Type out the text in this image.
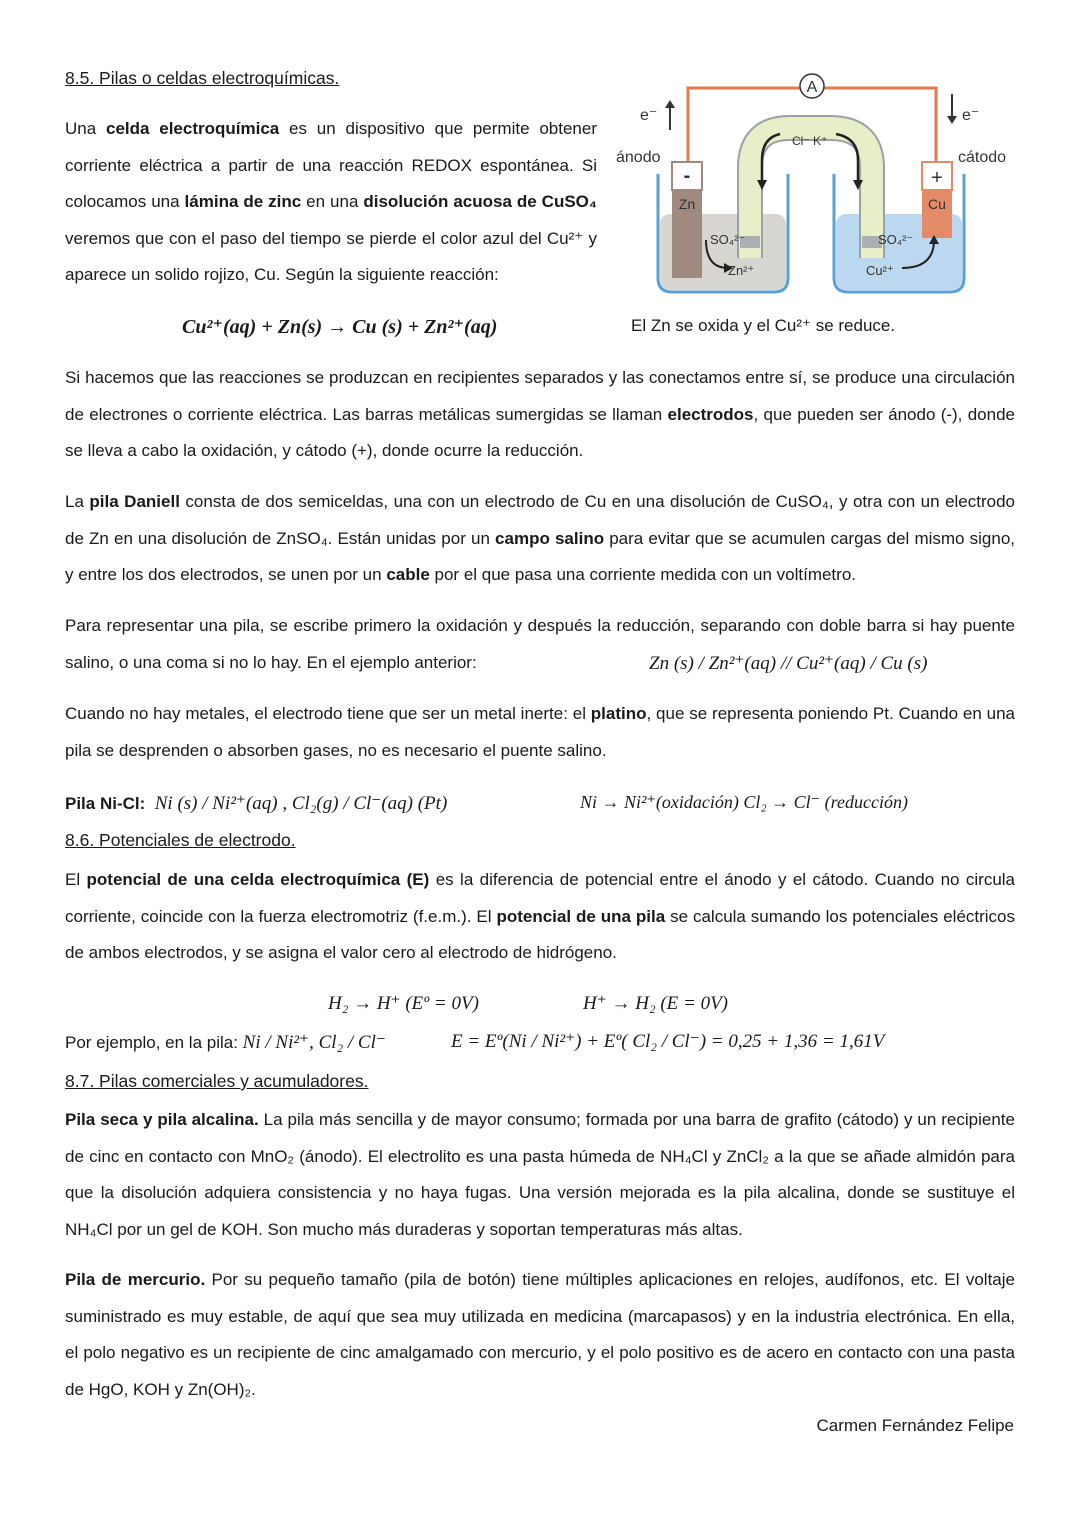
8.5. Pilas o celdas electroquímicas.

Una celda electroquímica es un dispositivo que permite obtener corriente eléctrica a partir de una reacción REDOX espontánea. Si colocamos una lámina de zinc en una disolución acuosa de CuSO₄ veremos que con el paso del tiempo se pierde el color azul del Cu²⁺ y aparece un solido rojizo, Cu. Según la siguiente reacción:

Cu²⁺(aq) + Zn(s) → Cu (s) + Zn²⁺(aq)	El Zn se oxida y el Cu²⁺ se reduce.
A
e⁻	e⁻
ánodo	cátodo
Cl⁻ K⁺
-
Zn
+
Cu
SO₄²⁻
Zn²⁺
SO₄²⁻
Cu²⁺

Si hacemos que las reacciones se produzcan en recipientes separados y las conectamos entre sí, se produce una circulación de electrones o corriente eléctrica. Las barras metálicas sumergidas se llaman electrodos, que pueden ser ánodo (-), donde se lleva a cabo la oxidación, y cátodo (+), donde ocurre la reducción.

La pila Daniell consta de dos semiceldas, una con un electrodo de Cu en una disolución de CuSO₄, y otra con un electrodo de Zn en una disolución de ZnSO₄. Están unidas por un campo salino para evitar que se acumulen cargas del mismo signo, y entre los dos electrodos, se unen por un cable por el que pasa una corriente medida con un voltímetro.

Para representar una pila, se escribe primero la oxidación y después la reducción, separando con doble barra si hay puente salino, o una coma si no lo hay. En el ejemplo anterior:	Zn (s) / Zn²⁺(aq) // Cu²⁺(aq) / Cu (s)

Cuando no hay metales, el electrodo tiene que ser un metal inerte: el platino, que se representa poniendo Pt. Cuando en una pila se desprenden o absorben gases, no es necesario el puente salino.

Pila Ni-Cl: Ni (s) / Ni²⁺(aq) , Cl₂(g) / Cl⁻(aq) (Pt)	Ni → Ni²⁺(oxidación) Cl₂ → Cl⁻ (reducción)
8.6. Potenciales de electrodo.

El potencial de una celda electroquímica (E) es la diferencia de potencial entre el ánodo y el cátodo. Cuando no circula corriente, coincide con la fuerza electromotriz (f.e.m.). El potencial de una pila se calcula sumando los potenciales eléctricos de ambos electrodos, y se asigna el valor cero al electrodo de hidrógeno.

H₂ → H⁺ (Eº = 0V)	H⁺ → H₂ (E = 0V)
Por ejemplo, en la pila: Ni / Ni²⁺, Cl₂ / Cl⁻	E = Eº(Ni / Ni²⁺) + Eº( Cl₂ / Cl⁻) = 0,25 + 1,36 = 1,61V
8.7. Pilas comerciales y acumuladores.

Pila seca y pila alcalina. La pila más sencilla y de mayor consumo; formada por una barra de grafito (cátodo) y un recipiente de cinc en contacto con MnO₂ (ánodo). El electrolito es una pasta húmeda de NH₄Cl y ZnCl₂ a la que se añade almidón para que la disolución adquiera consistencia y no haya fugas. Una versión mejorada es la pila alcalina, donde se sustituye el NH₄Cl por un gel de KOH. Son mucho más duraderas y soportan temperaturas más altas.

Pila de mercurio. Por su pequeño tamaño (pila de botón) tiene múltiples aplicaciones en relojes, audífonos, etc. El voltaje suministrado es muy estable, de aquí que sea muy utilizada en medicina (marcapasos) y en la industria electrónica. En ella, el polo negativo es un recipiente de cinc amalgamado con mercurio, y el polo positivo es de acero en contacto con una pasta de HgO, KOH y Zn(OH)₂.

Carmen Fernández Felipe
